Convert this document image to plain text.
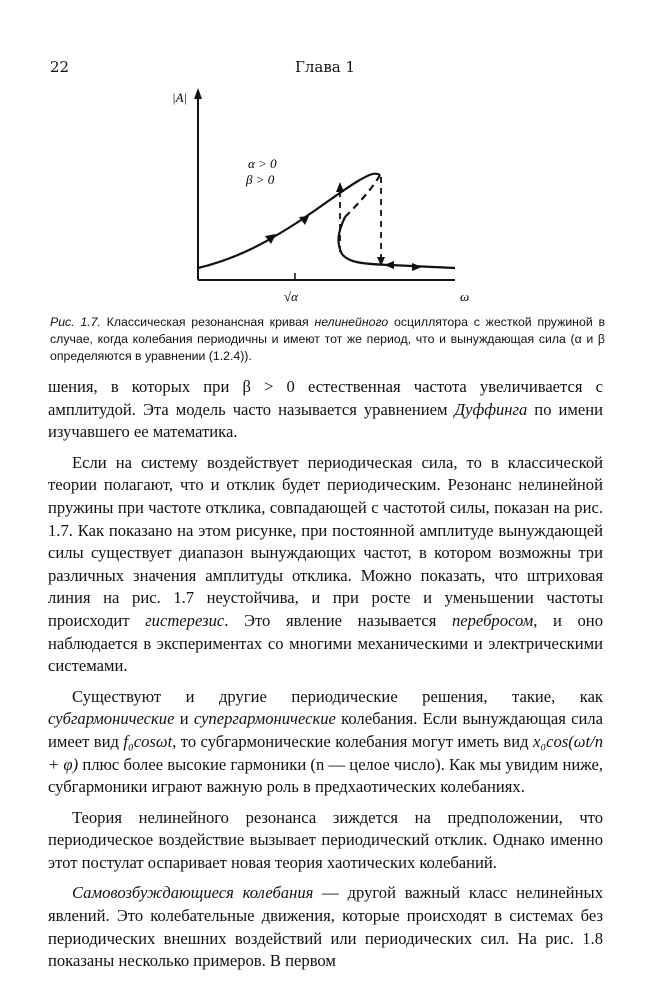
22	Глава 1
|A|
ω
√α
α > 0
β > 0
Рис. 1.7. Классическая резонансная кривая нелинейного осциллятора с жесткой пружиной в случае, когда колебания периодичны и имеют тот же период, что и вынуждающая сила (α и β определяются в уравнении (1.2.4)).

шения, в которых при β > 0 естественная частота увеличивается с амплитудой. Эта модель часто называется уравнением Дуффинга по имени изучавшего ее математика.

Если на систему воздействует периодическая сила, то в классической теории полагают, что и отклик будет периодическим. Резонанс нелинейной пружины при частоте отклика, совпадающей с частотой силы, показан на рис. 1.7. Как показано на этом рисунке, при постоянной амплитуде вынуждающей силы существует диапазон вынуждающих частот, в котором возможны три различных значения амплитуды отклика. Можно показать, что штриховая линия на рис. 1.7 неустойчива, и при росте и уменьшении частоты происходит гистерезис. Это явление называется перебросом, и оно наблюдается в экспериментах со многими механическими и электрическими системами.

Существуют и другие периодические решения, такие, как субгармонические и супергармонические колебания. Если вынуждающая сила имеет вид f₀cosωt, то субгармонические колебания могут иметь вид x₀cos(ωt/n + φ) плюс более высокие гармоники (n — целое число). Как мы увидим ниже, субгармоники играют важную роль в предхаотических колебаниях.

Теория нелинейного резонанса зиждется на предположении, что периодическое воздействие вызывает периодический отклик. Однако именно этот постулат оспаривает новая теория хаотических колебаний.

Самовозбуждающиеся колебания — другой важный класс нелинейных явлений. Это колебательные движения, которые происходят в системах без периодических внешних воздействий или периодических сил. На рис. 1.8 показаны несколько примеров. В первом
